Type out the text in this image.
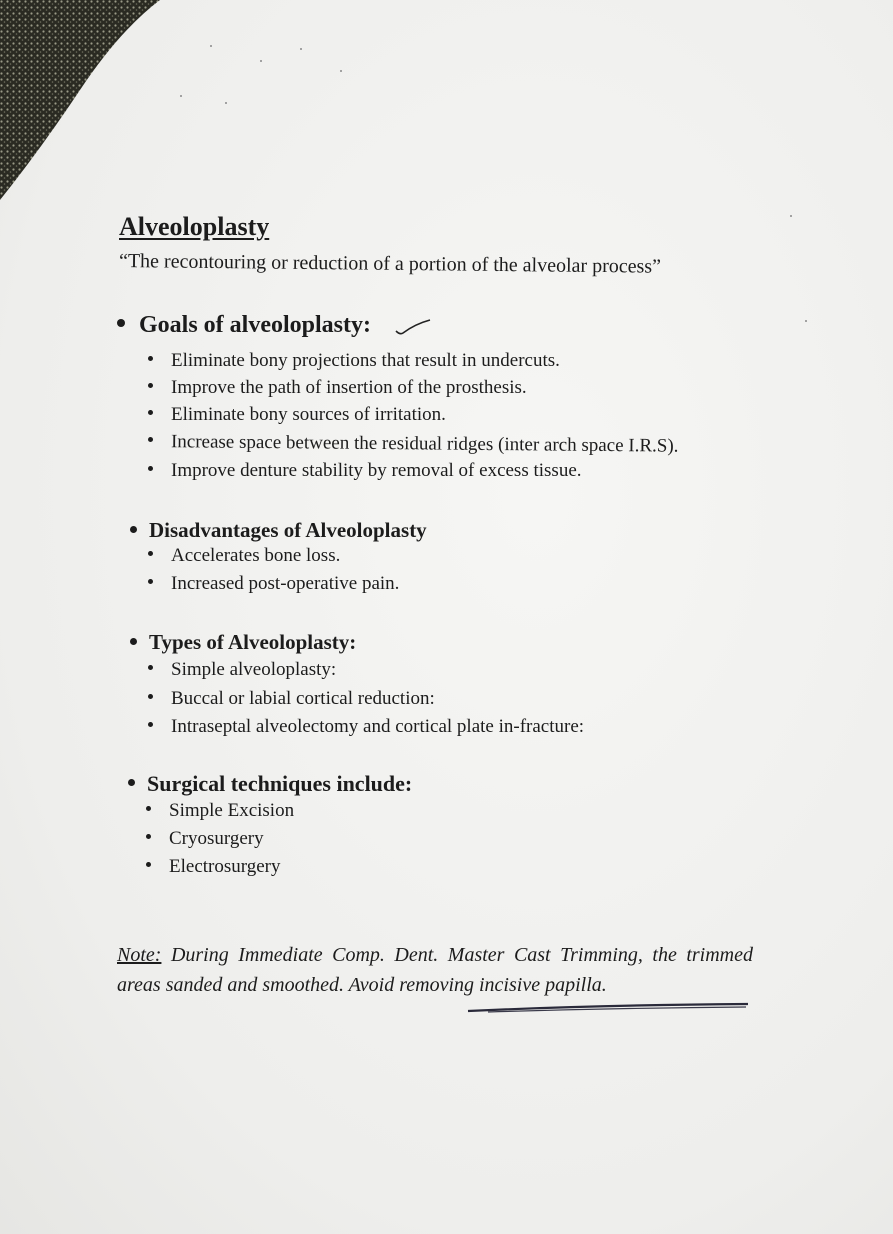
Alveoloplasty
“The recontouring or reduction of a portion of the alveolar process”
Goals of alveoloplasty:
Eliminate bony projections that result in undercuts.
Improve the path of insertion of the prosthesis.
Eliminate bony sources of irritation.
Increase space between the residual ridges (inter arch space I.R.S).
Improve denture stability by removal of excess tissue.
Disadvantages of Alveoloplasty
Accelerates bone loss.
Increased post-operative pain.
Types of Alveoloplasty:
Simple alveoloplasty:
Buccal or labial cortical reduction:
Intraseptal alveolectomy and cortical plate in-fracture:
Surgical techniques include:
Simple Excision
Cryosurgery
Electrosurgery
Note: During Immediate Comp. Dent. Master Cast Trimming, the trimmed areas sanded and smoothed. Avoid removing incisive papilla.
